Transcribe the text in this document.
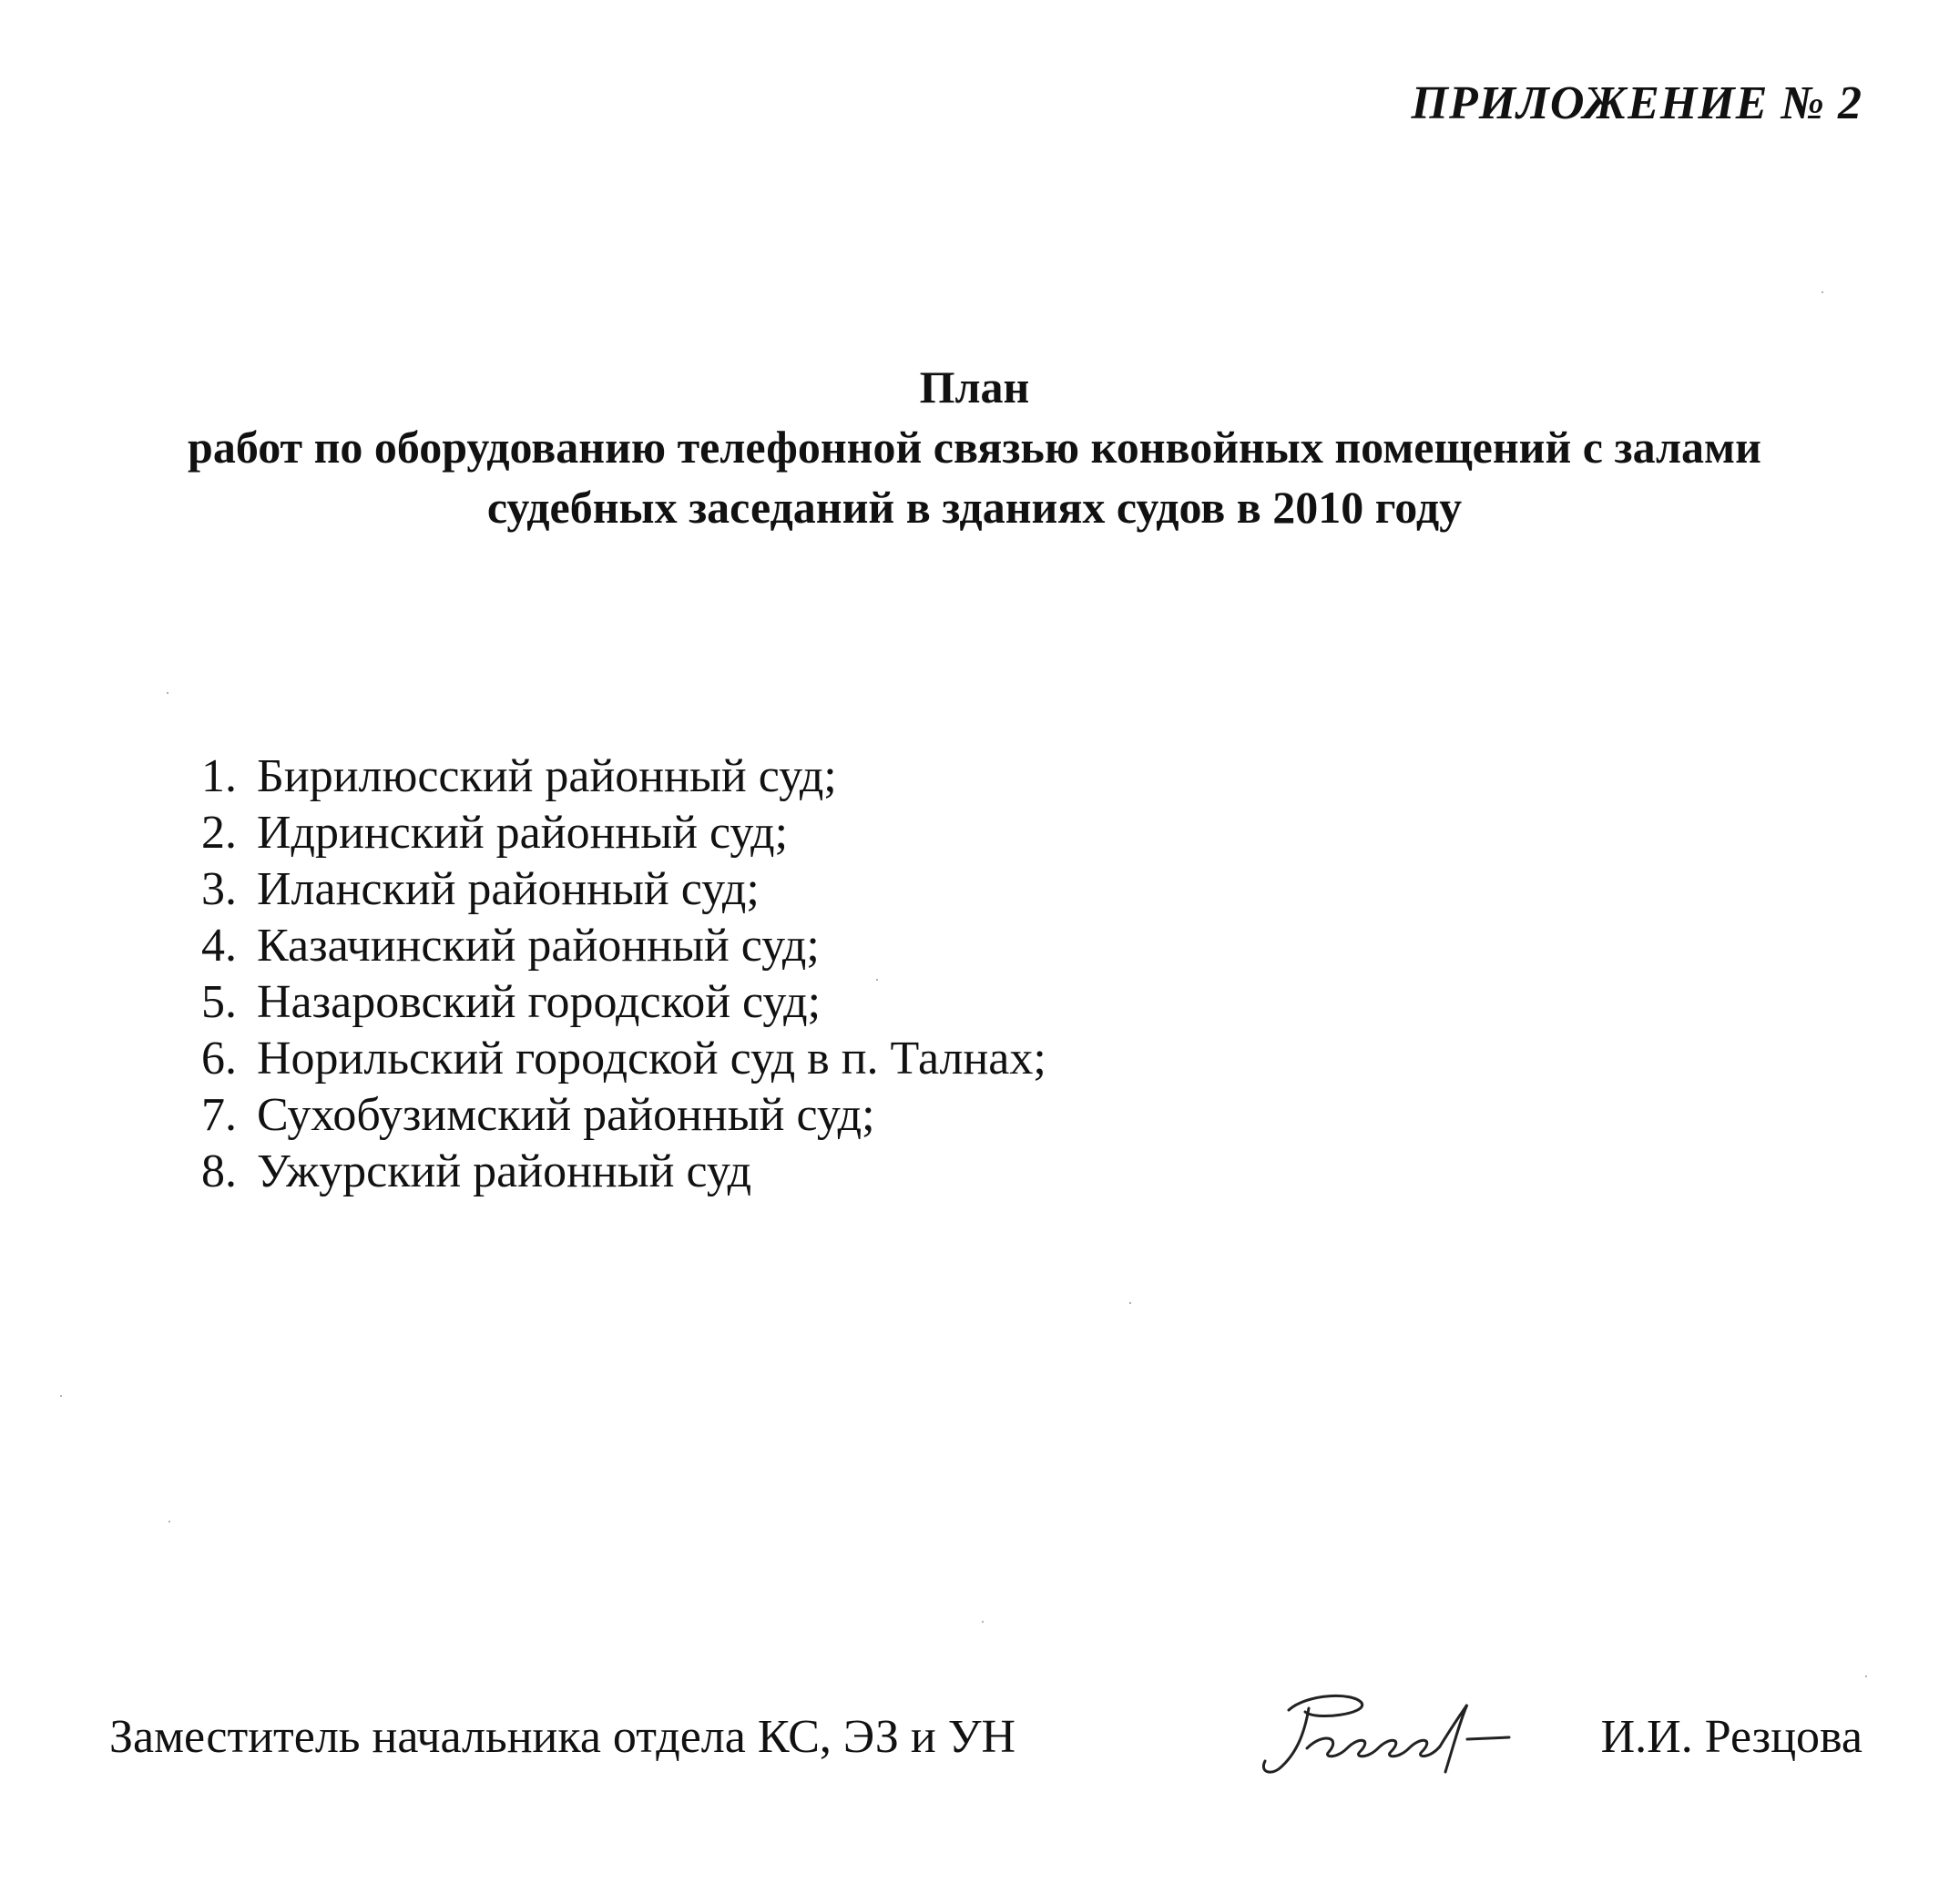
ПРИЛОЖЕНИЕ № 2
План
работ по оборудованию телефонной связью конвойных помещений с залами
судебных заседаний в зданиях судов в 2010 году
1. Бирилюсский районный суд;
2. Идринский районный суд;
3. Иланский районный суд;
4. Казачинский районный суд;
5. Назаровский городской суд;
6. Норильский городской суд в п. Талнах;
7. Сухобузимский районный суд;
8. Ужурский районный суд
Заместитель начальника отдела КС, ЭЗ и УН	И.И. Резцова
